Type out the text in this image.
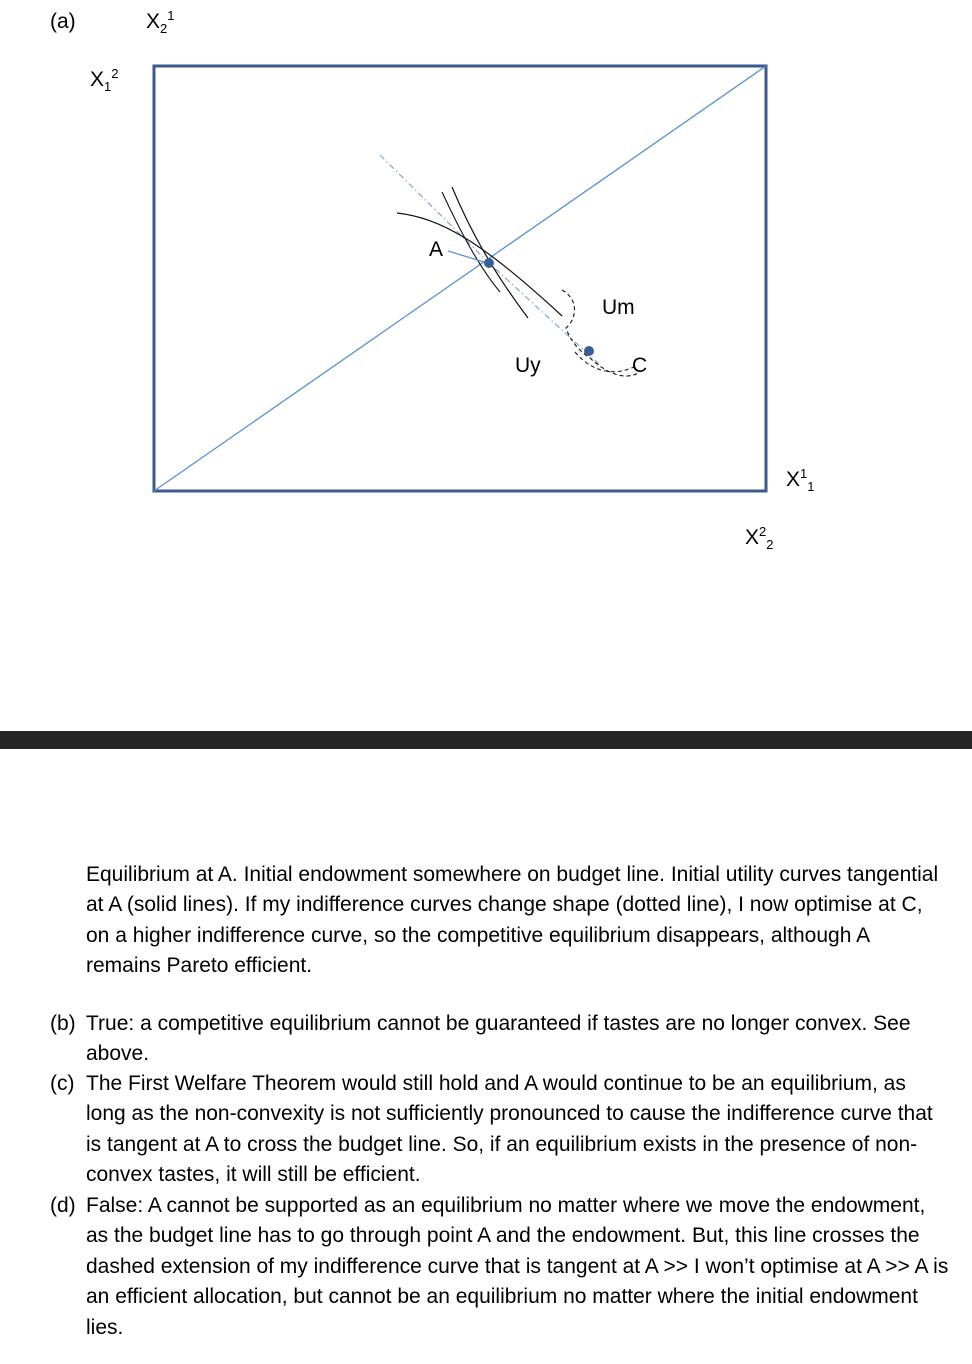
(a)	$X_2^1$
$X_1^2$
$X^1_1$
$X^2_2$
A
Um
Uy	C
Equilibrium at A. Initial endowment somewhere on budget line. Initial utility curves tangential at A (solid lines). If my indifference curves change shape (dotted line), I now optimise at C, on a higher indifference curve, so the competitive equilibrium disappears, although A remains Pareto efficient.
(b) True: a competitive equilibrium cannot be guaranteed if tastes are no longer convex. See above.
(c) The First Welfare Theorem would still hold and A would continue to be an equilibrium, as long as the non-convexity is not sufficiently pronounced to cause the indifference curve that is tangent at A to cross the budget line. So, if an equilibrium exists in the presence of non-convex tastes, it will still be efficient.
(d) False: A cannot be supported as an equilibrium no matter where we move the endowment, as the budget line has to go through point A and the endowment. But, this line crosses the dashed extension of my indifference curve that is tangent at A >> I won’t optimise at A >> A is an efficient allocation, but cannot be an equilibrium no matter where the initial endowment lies.
